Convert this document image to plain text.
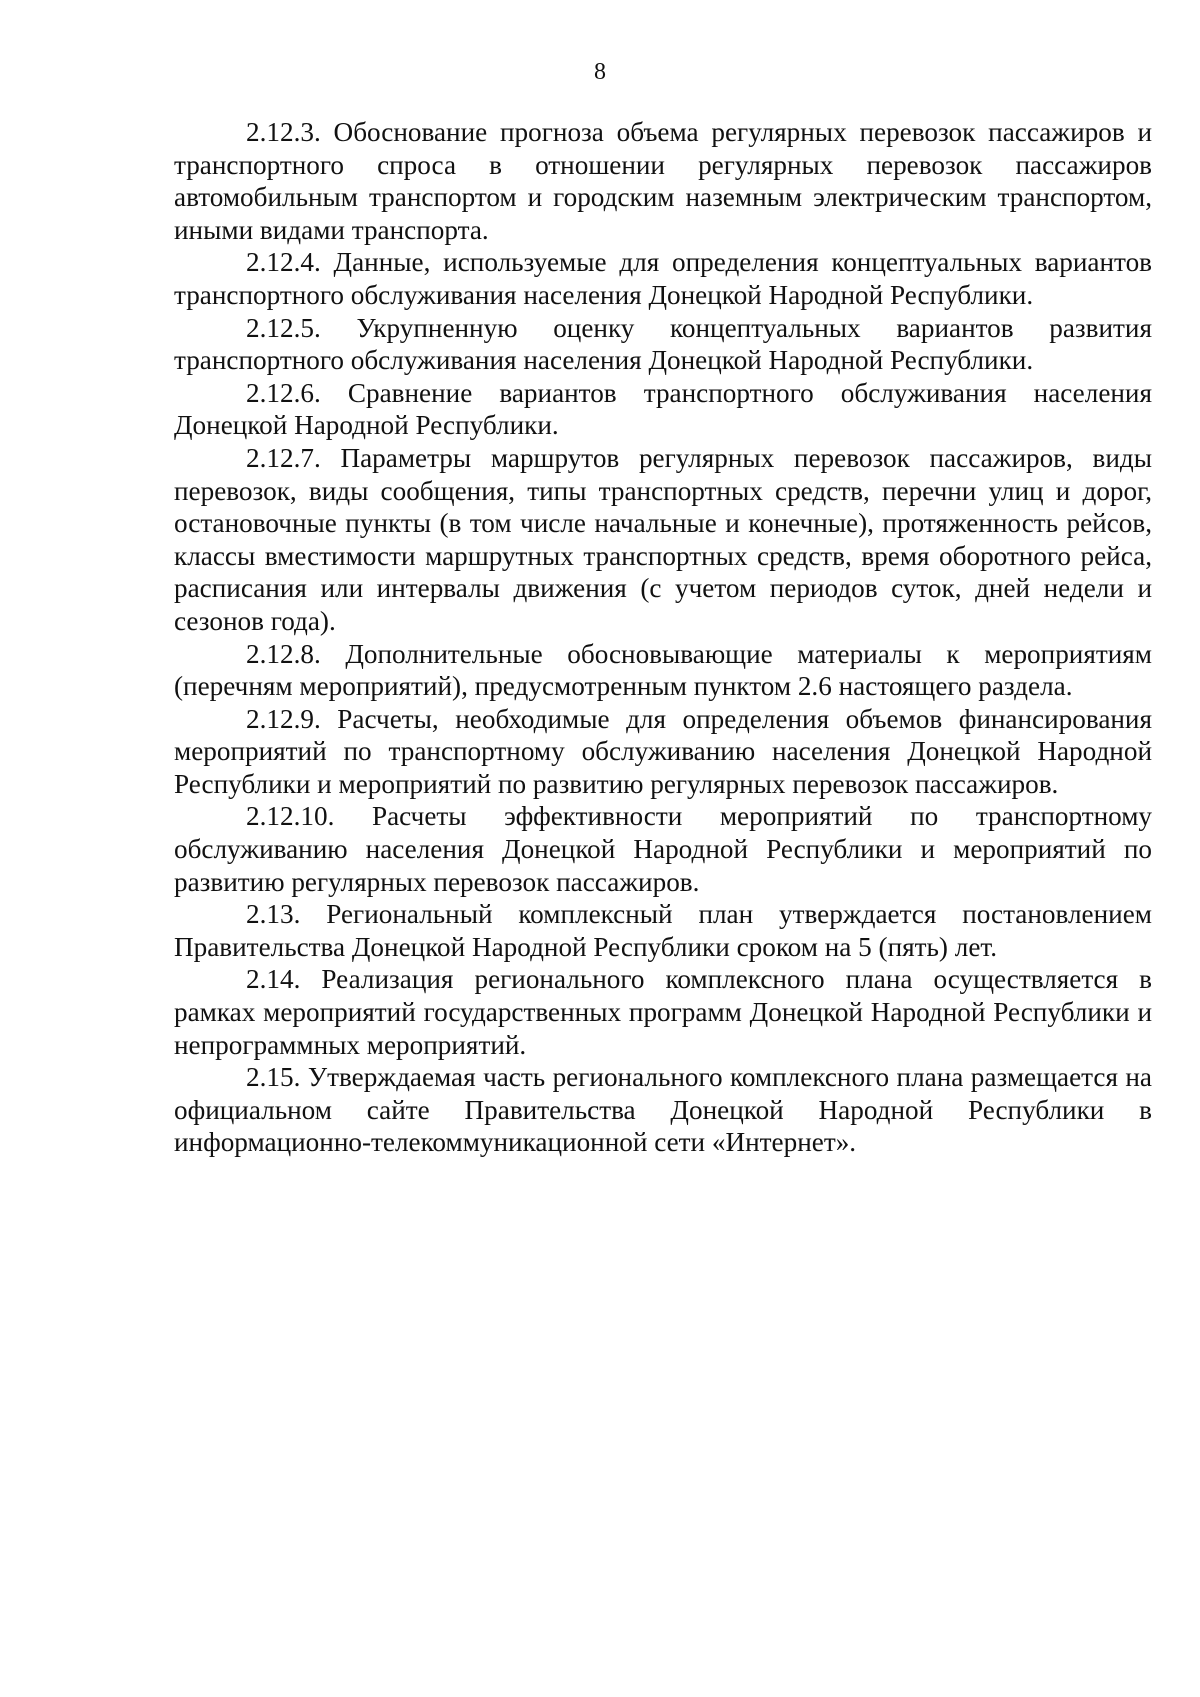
8

2.12.3. Обоснование прогноза объема регулярных перевозок пассажиров и транспортного спроса в отношении регулярных перевозок пассажиров автомобильным транспортом и городским наземным электрическим транспортом, иными видами транспорта.

2.12.4. Данные, используемые для определения концептуальных вариантов транспортного обслуживания населения Донецкой Народной Республики.

2.12.5. Укрупненную оценку концептуальных вариантов развития транспортного обслуживания населения Донецкой Народной Республики.

2.12.6. Сравнение вариантов транспортного обслуживания населения Донецкой Народной Республики.

2.12.7. Параметры маршрутов регулярных перевозок пассажиров, виды перевозок, виды сообщения, типы транспортных средств, перечни улиц и дорог, остановочные пункты (в том числе начальные и конечные), протяженность рейсов, классы вместимости маршрутных транспортных средств, время оборотного рейса, расписания или интервалы движения (с учетом периодов суток, дней недели и сезонов года).

2.12.8. Дополнительные обосновывающие материалы к мероприятиям (перечням мероприятий), предусмотренным пунктом 2.6 настоящего раздела.

2.12.9. Расчеты, необходимые для определения объемов финансирования мероприятий по транспортному обслуживанию населения Донецкой Народной Республики и мероприятий по развитию регулярных перевозок пассажиров.

2.12.10. Расчеты эффективности мероприятий по транспортному обслуживанию населения Донецкой Народной Республики и мероприятий по развитию регулярных перевозок пассажиров.

2.13. Региональный комплексный план утверждается постановлением Правительства Донецкой Народной Республики сроком на 5 (пять) лет.

2.14. Реализация регионального комплексного плана осуществляется в рамках мероприятий государственных программ Донецкой Народной Республики и непрограммных мероприятий.

2.15. Утверждаемая часть регионального комплексного плана размещается на официальном сайте Правительства Донецкой Народной Республики в информационно-телекоммуникационной сети «Интернет».
